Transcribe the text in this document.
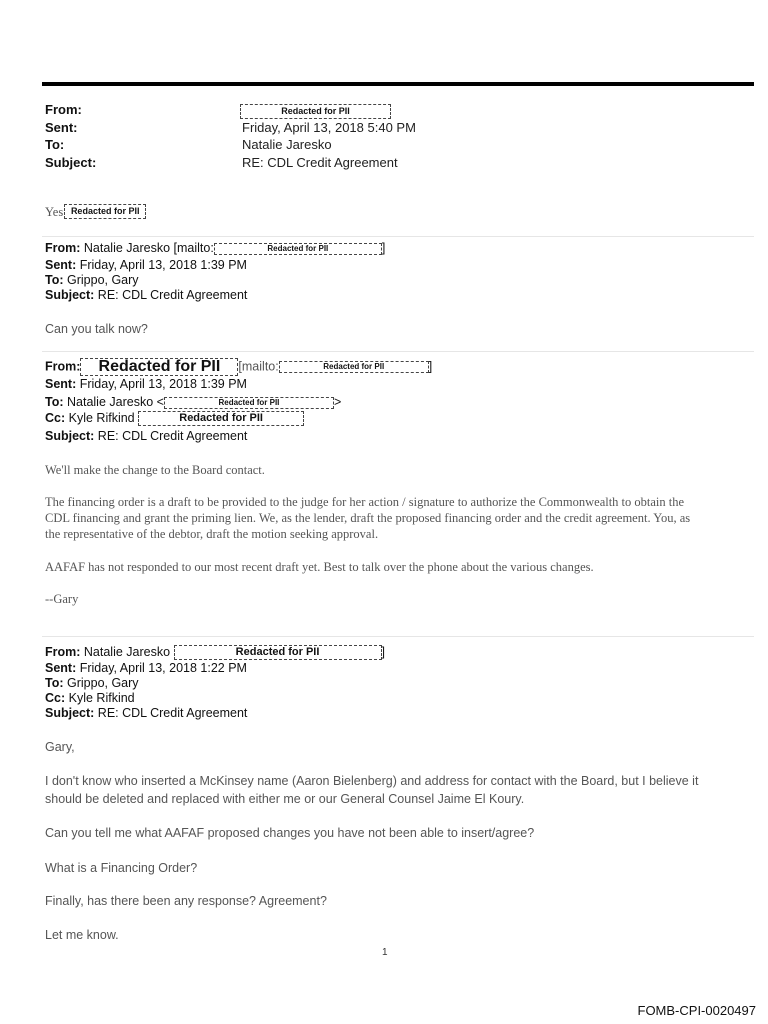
From:	Redacted for PII
Sent:	Friday, April 13, 2018 5:40 PM
To:	Natalie Jaresko
Subject:	RE: CDL Credit Agreement
Yes Redacted for PII
From: Natalie Jaresko [mailto:	Redacted for PII	]
Sent: Friday, April 13, 2018 1:39 PM
To: Grippo, Gary
Subject: RE: CDL Credit Agreement
Can you talk now?
From: Redacted for PII [mailto:	Redacted for PII	]
Sent: Friday, April 13, 2018 1:39 PM
To: Natalie Jaresko <	Redacted for PII	>
Cc: Kyle Rifkind	Redacted for PII
Subject: RE: CDL Credit Agreement
We'll make the change to the Board contact.
The financing order is a draft to be provided to the judge for her action / signature to authorize the Commonwealth to obtain the CDL financing and grant the priming lien. We, as the lender, draft the proposed financing order and the credit agreement. You, as the representative of the debtor, draft the motion seeking approval.
AAFAF has not responded to our most recent draft yet. Best to talk over the phone about the various changes.
--Gary
From: Natalie Jaresko	Redacted for PII	]
Sent: Friday, April 13, 2018 1:22 PM
To: Grippo, Gary
Cc: Kyle Rifkind
Subject: RE: CDL Credit Agreement
Gary,
I don't know who inserted a McKinsey name (Aaron Bielenberg) and address for contact with the Board, but I believe it should be deleted and replaced with either me or our General Counsel Jaime El Koury.
Can you tell me what AAFAF proposed changes you have not been able to insert/agree?
What is a Financing Order?
Finally, has there been any response? Agreement?
Let me know.
1
FOMB-CPI-0020497
